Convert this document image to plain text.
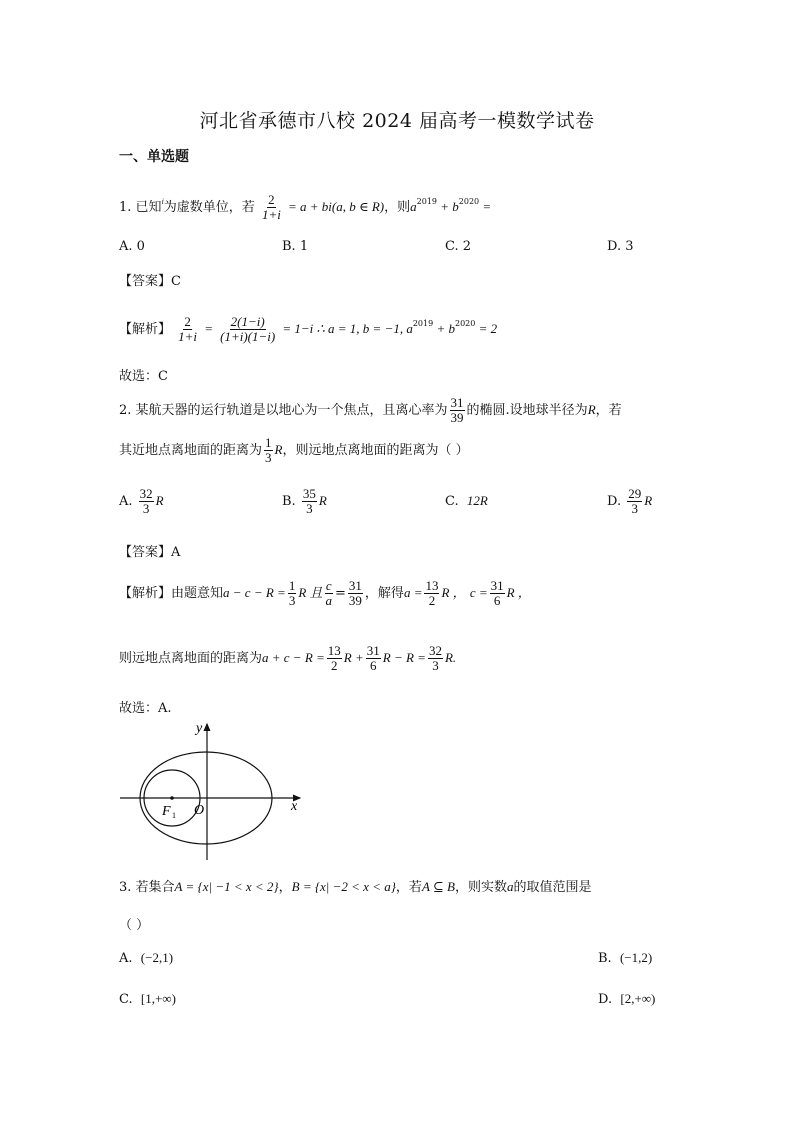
河北省承德市八校 2024 届高考一模数学试卷
一、单选题
1. 已知$^i$为虚数单位，若 $\frac{2}{1+i} = a + bi(a$, b ∈ R)，则$a^{2019} + b^{2020}$ =
A. 0	B. 1	C. 2	D. 3
【答案】C
【解析】 $\frac{2}{1+i} = \frac{2(1-i)}{(1+i)(1-i)} = 1-i$ ∴ a = 1, b = −1, $a^{2019} + b^{2020} = 2$
故选：C
2. 某航天器的运行轨道是以地心为一个焦点，且离心率为 $\frac{31}{39}$ 的椭圆.设地球半径为R，若
其近地点离地面的距离为 $\frac{1}{3}$ R，则远地点离地面的距离为（ ）
A. $\frac{32}{3}$ R	B. $\frac{35}{3}$ R	C. 12R	D. $\frac{29}{3}$ R
【答案】A
【解析】由题意知$a - c - R = \frac{1}{3}$ R 且 $\frac{c}{a} = \frac{31}{39}$ ，解得$a = \frac{13}{2}$ R ， $c = \frac{31}{6}$ R ，
则远地点离地面的距离为$a + c - R = \frac{13}{2}$ $R + \frac{31}{6}$ $R - R = \frac{32}{3} R$.
故选：A.
y
x
O
F 1
3. 若集合A = {x| −1 < x < 2}，B = {x| −2 < x < a}，若A ⊆ B，则实数a的取值范围是
（ ）
A. (−2,1)	B. (−1,2)
C. [1,+∞)	D. [2,+∞)
